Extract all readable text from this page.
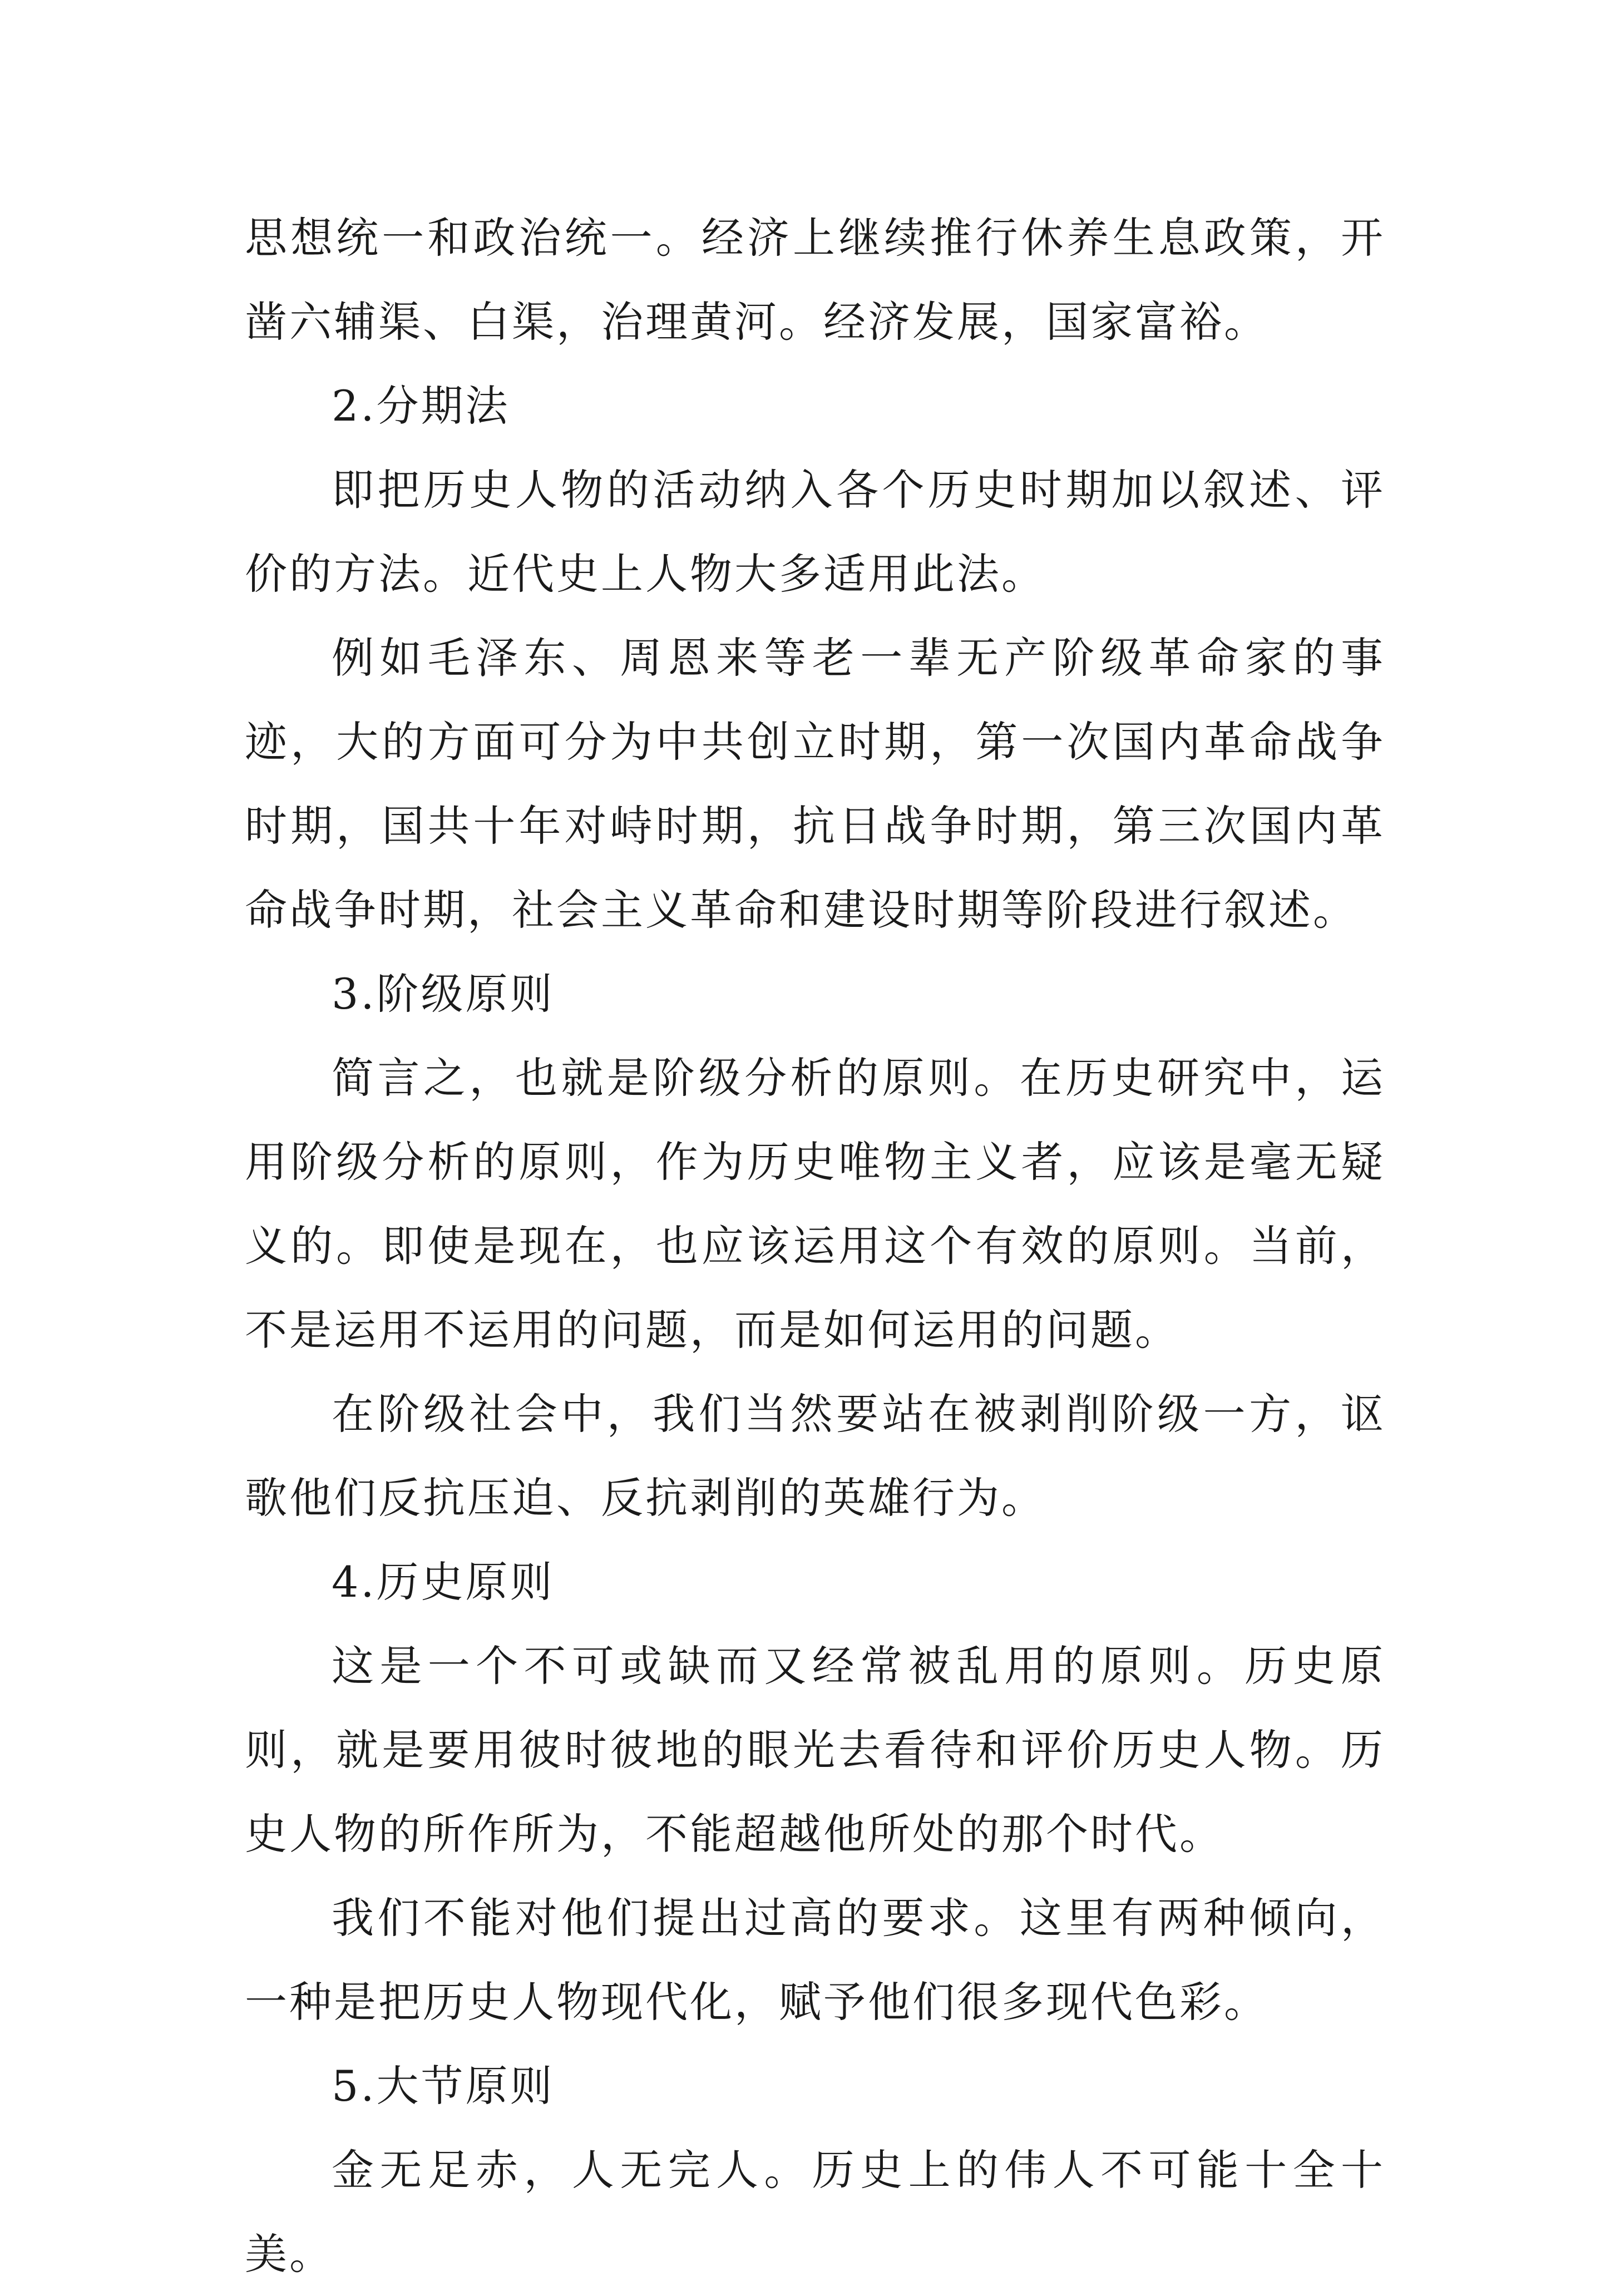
思想统一和政治统一。经济上继续推行休养生息政策，开凿六辅渠、白渠，治理黄河。经济发展，国家富裕。

2.分期法

即把历史人物的活动纳入各个历史时期加以叙述、评价的方法。近代史上人物大多适用此法。

例如毛泽东、周恩来等老一辈无产阶级革命家的事迹，大的方面可分为中共创立时期，第一次国内革命战争时期，国共十年对峙时期，抗日战争时期，第三次国内革命战争时期，社会主义革命和建设时期等阶段进行叙述。

3.阶级原则

简言之，也就是阶级分析的原则。在历史研究中，运用阶级分析的原则，作为历史唯物主义者，应该是毫无疑义的。即使是现在，也应该运用这个有效的原则。当前，不是运用不运用的问题，而是如何运用的问题。

在阶级社会中，我们当然要站在被剥削阶级一方，讴歌他们反抗压迫、反抗剥削的英雄行为。

4.历史原则

这是一个不可或缺而又经常被乱用的原则。历史原则，就是要用彼时彼地的眼光去看待和评价历史人物。历史人物的所作所为，不能超越他所处的那个时代。

我们不能对他们提出过高的要求。这里有两种倾向，一种是把历史人物现代化，赋予他们很多现代色彩。

5.大节原则

金无足赤，人无完人。历史上的伟人不可能十全十美。
